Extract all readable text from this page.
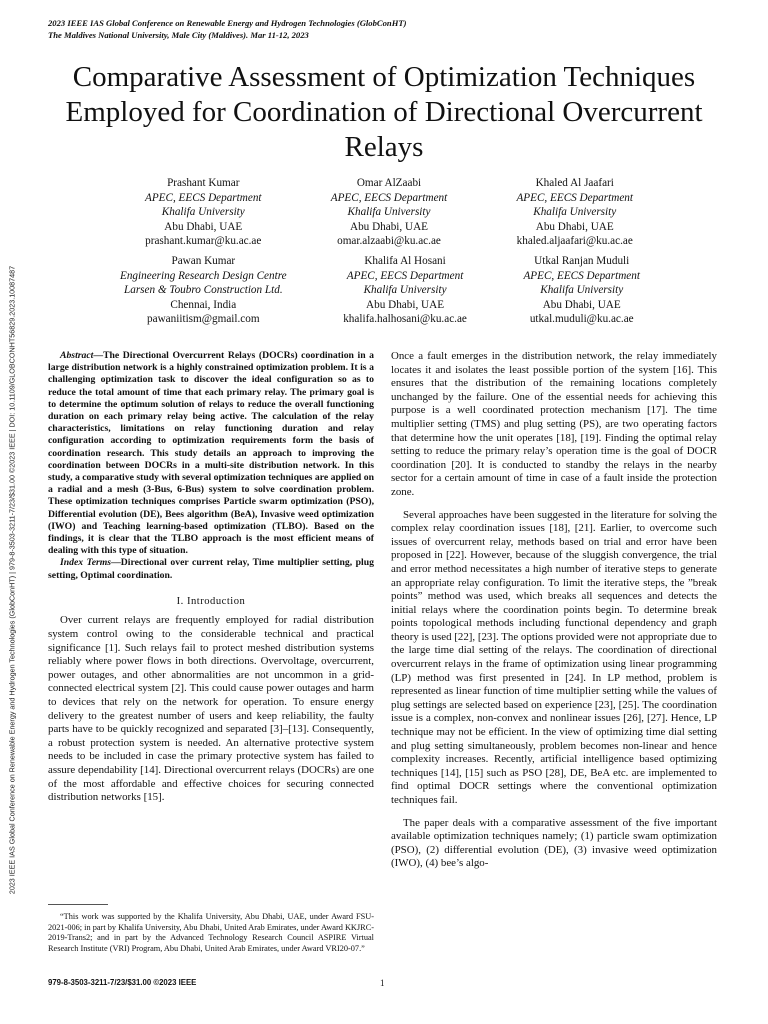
2023 IEEE IAS Global Conference on Renewable Energy and Hydrogen Technologies (GlobConHT)
The Maldives National University, Male City (Maldives). Mar 11-12, 2023
Comparative Assessment of Optimization Techniques Employed for Coordination of Directional Overcurrent Relays
Prashant Kumar
APEC, EECS Department
Khalifa University
Abu Dhabi, UAE
prashant.kumar@ku.ac.ae
Omar AlZaabi
APEC, EECS Department
Khalifa University
Abu Dhabi, UAE
omar.alzaabi@ku.ac.ae
Khaled Al Jaafari
APEC, EECS Department
Khalifa University
Abu Dhabi, UAE
khaled.aljaafari@ku.ac.ae
Pawan Kumar
Engineering Research Design Centre
Larsen & Toubro Construction Ltd.
Chennai, India
pawaniitism@gmail.com
Khalifa Al Hosani
APEC, EECS Department
Khalifa University
Abu Dhabi, UAE
khalifa.halhosani@ku.ac.ae
Utkal Ranjan Muduli
APEC, EECS Department
Khalifa University
Abu Dhabi, UAE
utkal.muduli@ku.ac.ae
2023 IEEE IAS Global Conference on Renewable Energy and Hydrogen Technologies (GlobConHT) | 979-8-3503-3211-7/23/$31.00 ©2023 IEEE | DOI: 10.1109/GLOBCONHT56829.2023.10087487	Abstract—The Directional Overcurrent Relays (DOCRs) coordination in a large distribution network is a highly constrained optimization problem. It is a challenging optimization task to discover the ideal configuration so as to reduce the total amount of time that each primary relay. The primary goal is to determine the optimum solution of relays to reduce the overall functioning duration on each primary relay being active. The calculation of the relay characteristics, limitations on relay functioning duration and relay configuration according to optimization requirements form the basis of coordination research. This study details an approach to improving the coordination between DOCRs in a multi-site distribution network. In this study, a comparative study with several optimization techniques are applied on a radial and a mesh (3-Bus, 6-Bus) system to solve coordination problem. These optimization techniques comprises Particle swarm optimization (PSO), Differential evolution (DE), Bees algorithm (BeA), Invasive weed optimization (IWO) and Teaching learning-based optimization (TLBO). Based on the findings, it is clear that the TLBO approach is the most efficient means of dealing with this type of situation.

Index Terms—Directional over current relay, Time multiplier setting, plug setting, Optimal coordination.

I. Introduction

Over current relays are frequently employed for radial distribution system control owing to the considerable technical and practical significance [1]. Such relays fail to protect meshed distribution systems reliably where power flows in both directions. Overvoltage, overcurrent, power outages, and other abnormalities are not uncommon in a grid-connected electrical system [2]. This could cause power outages and harm to devices that rely on the network for operation. To ensure energy delivery to the greatest number of users and keep reliability, the faulty parts have to be quickly recognized and separated [3]–[13]. Consequently, a robust protection system is needed. An alternative protective system needs to be included in case the primary protective system has failed to assure dependability [14]. Directional overcurrent relays (DOCRs) are one of the most affordable and effective choices for securing connected distribution networks [15].

“This work was supported by the Khalifa University, Abu Dhabi, UAE, under Award FSU-2021-006; in part by Khalifa University, Abu Dhabi, United Arab Emirates, under Award KKJRC-2019-Trans2; and in part by the Advanced Technology Research Council ASPIRE Virtual Research Institute (VRI) Program, Abu Dhabi, United Arab Emirates, under Award VRI20-07.”

Once a fault emerges in the distribution network, the relay immediately locates it and isolates the least possible portion of the system [16]. This ensures that the distribution of the remaining locations completely unchanged by the failure. One of the essential needs for achieving this purpose is a well coordinated protection mechanism [17]. The time multiplier setting (TMS) and plug setting (PS), are two operating factors that determine how the unit operates [18], [19]. Finding the optimal relay setting to reduce the primary relay’s operation time is the goal of DOCR coordination [20]. It is conducted to standby the relays in the nearby sector for a certain amount of time in case of a fault inside the protection zone.

Several approaches have been suggested in the literature for solving the complex relay coordination issues [18], [21]. Earlier, to overcome such issues of overcurrent relay, methods based on trial and error have been proposed in [22]. However, because of the sluggish convergence, the trial and error method necessitates a high number of iterative steps to generate an appropriate relay configuration. To limit the iterative steps, the ”break points” method was used, which breaks all sequences and detects the initial relays where the coordination points begin. To determine break points topological methods including functional dependency and graph theory is used [22], [23]. The options provided were not appropriate due to the large time dial setting of the relays. The coordination of directional overcurrent relays in the frame of optimization using linear programming (LP) method was first presented in [24]. In LP method, problem is represented as linear function of time multiplier setting while the values of plug settings are selected based on experience [23], [25]. The coordination issue is a complex, non-convex and nonlinear issues [26], [27]. Hence, LP technique may not be efficient. In the view of optimizing time dial setting and plug setting simultaneously, problem becomes non-linear and hence complexity increases. Recently, artificial intelligence based optimizing techniques [14], [15] such as PSO [28], DE, BeA etc. are implemented to find optimal DOCR settings where the conventional optimization techniques fail.

The paper deals with a comparative assessment of the five important available optimization techniques namely; (1) particle swam optimization (PSO), (2) differential evolution (DE), (3) invasive weed optimization (IWO), (4) bee’s algo-

979-8-3503-3211-7/23/$31.00 ©2023 IEEE	1
